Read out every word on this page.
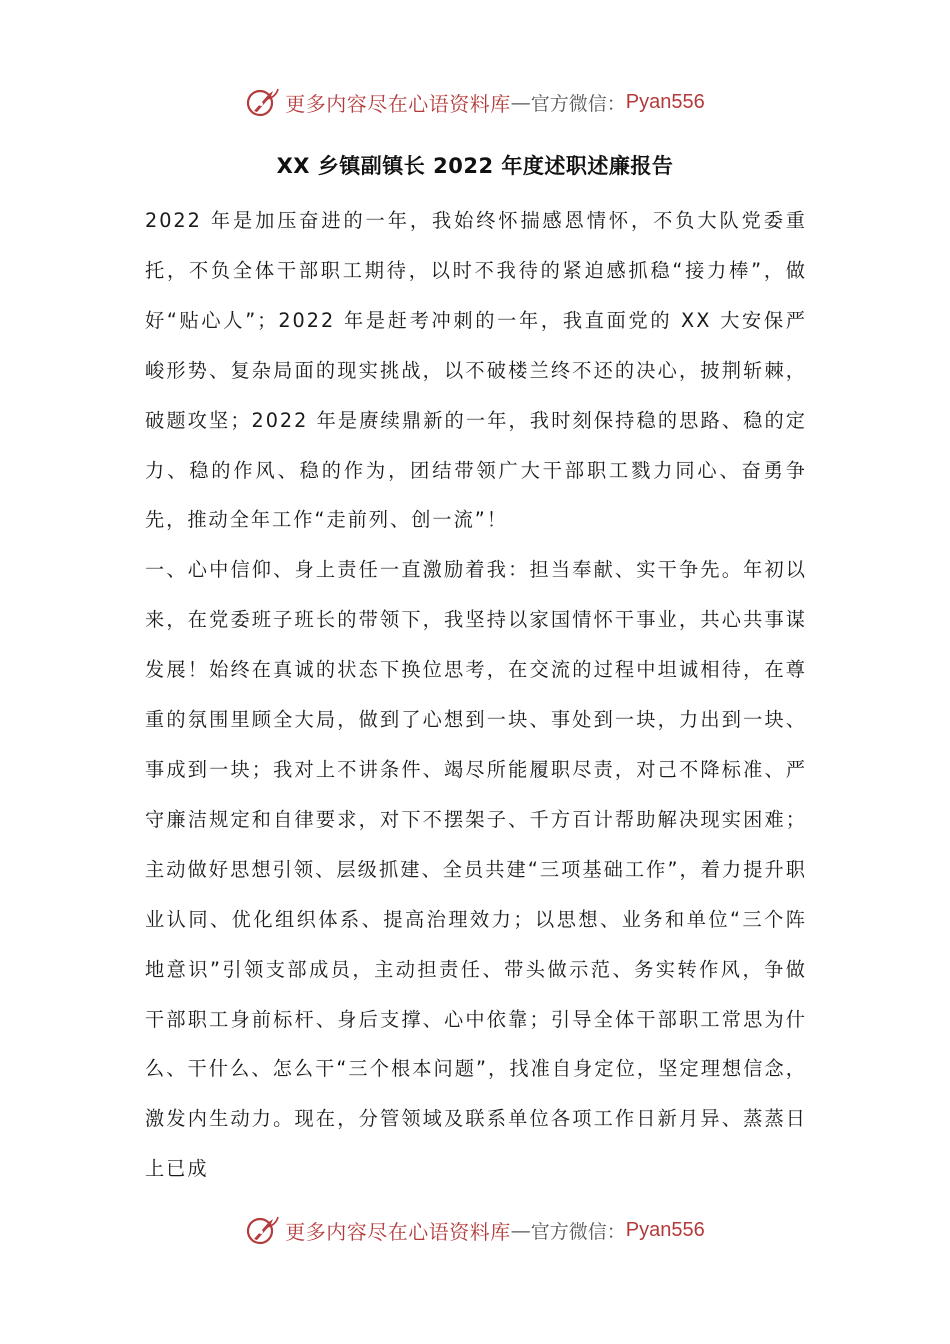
更多内容尽在心语资料库 — 官方微信： Pyan556
XX 乡镇副镇长 2022 年度述职述廉报告

2022 年是加压奋进的一年，我始终怀揣感恩情怀，不负大队党委重托，不负全体干部职工期待，以时不我待的紧迫感抓稳“接力棒”，做好“贴心人”；2022 年是赶考冲刺的一年，我直面党的 XX 大安保严峻形势、复杂局面的现实挑战，以不破楼兰终不还的决心，披荆斩棘，破题攻坚；2022 年是赓续鼎新的一年，我时刻保持稳的思路、稳的定力、稳的作风、稳的作为，团结带领广大干部职工戮力同心、奋勇争先，推动全年工作“走前列、创一流”！

一、心中信仰、身上责任一直激励着我：担当奉献、实干争先。年初以来，在党委班子班长的带领下，我坚持以家国情怀干事业，共心共事谋发展！始终在真诚的状态下换位思考，在交流的过程中坦诚相待，在尊重的氛围里顾全大局，做到了心想到一块、事处到一块，力出到一块、事成到一块；我对上不讲条件、竭尽所能履职尽责，对己不降标准、严守廉洁规定和自律要求，对下不摆架子、千方百计帮助解决现实困难；主动做好思想引领、层级抓建、全员共建“三项基础工作”，着力提升职业认同、优化组织体系、提高治理效力；以思想、业务和单位“三个阵地意识”引领支部成员，主动担责任、带头做示范、务实转作风，争做干部职工身前标杆、身后支撑、心中依靠；引导全体干部职工常思为什么、干什么、怎么干“三个根本问题”，找准自身定位，坚定理想信念，激发内生动力。现在，分管领域及联系单位各项工作日新月异、蒸蒸日上已成

更多内容尽在心语资料库 — 官方微信： Pyan556
